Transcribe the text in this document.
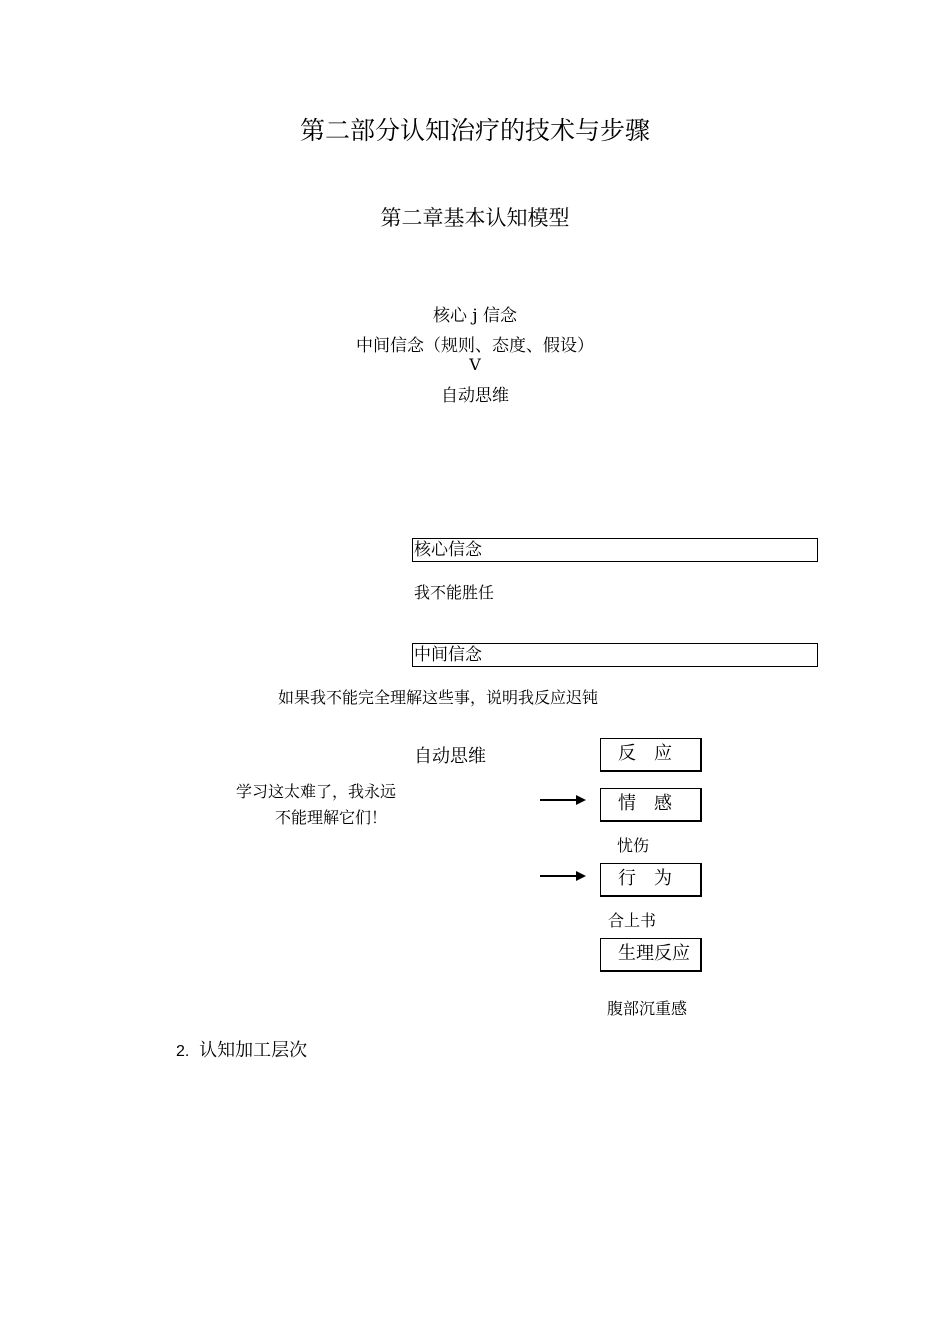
第二部分认知治疗的技术与步骤
第二章基本认知模型
核心 j 信念
中间信念（规则、态度、假设）
V
自动思维
核心信念
我不能胜任
中间信念
如果我不能完全理解这些事，说明我反应迟钝
自动思维
学习这太难了，我永远
不能理解它们！
反　应
情　感
忧伤
行　为
合上书
生理反应
腹部沉重感
2. 认知加工层次
